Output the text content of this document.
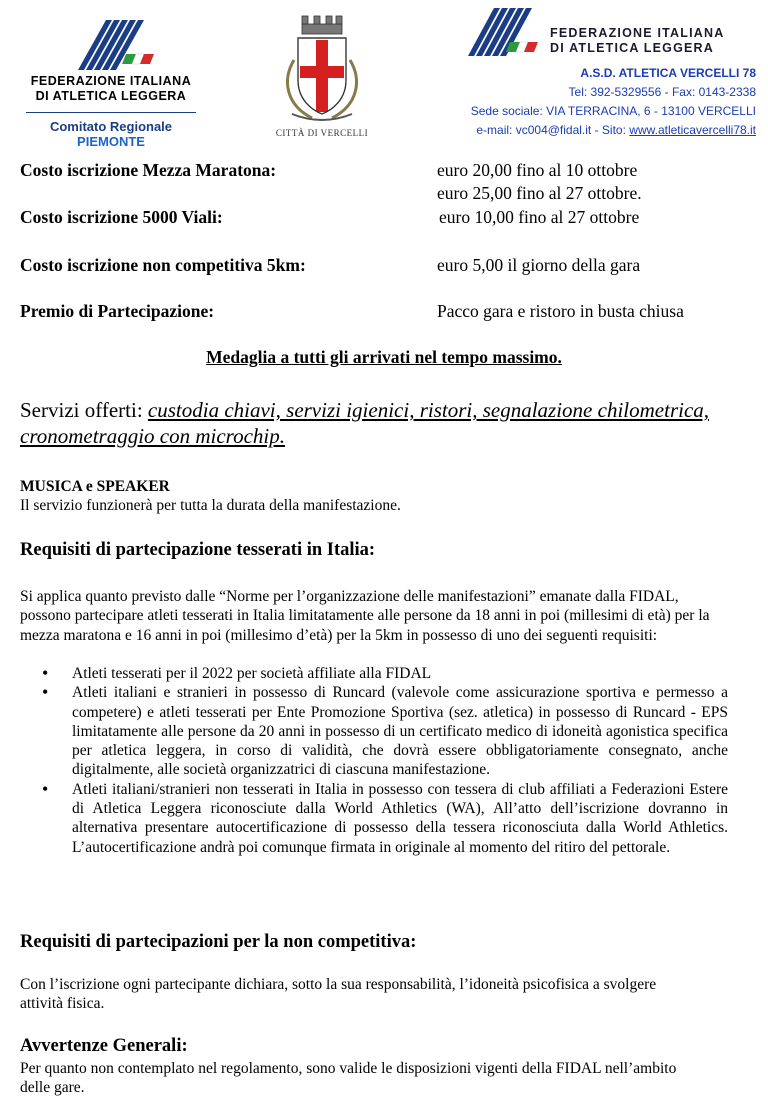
FEDERAZIONE ITALIANA
DI ATLETICA LEGGERA
Comitato Regionale PIEMONTE
CITTÀ DI VERCELLI
FEDERAZIONE ITALIANA
DI ATLETICA LEGGERA
A.S.D. ATLETICA VERCELLI 78
Tel: 392-5329556 - Fax: 0143-2338
Sede sociale: VIA TERRACINA, 6 - 13100 VERCELLI
e-mail: vc004@fidal.it - Sito: www.atleticavercelli78.it
Costo iscrizione Mezza Maratona:	euro 20,00 fino al 10 ottobre
euro 25,00 fino al 27 ottobre.
Costo iscrizione 5000 Viali:	euro 10,00 fino al 27 ottobre
Costo iscrizione non competitiva 5km:	euro 5,00 il giorno della gara
Premio di Partecipazione:	Pacco gara e ristoro in busta chiusa
Medaglia a tutti gli arrivati nel tempo massimo.
Servizi offerti: custodia chiavi, servizi igienici, ristori, segnalazione chilometrica, cronometraggio con microchip.
MUSICA e SPEAKER
Il servizio funzionerà per tutta la durata della manifestazione.
Requisiti di partecipazione tesserati in Italia:
Si applica quanto previsto dalle “Norme per l’organizzazione delle manifestazioni” emanate dalla FIDAL, possono partecipare atleti tesserati in Italia limitatamente alle persone da 18 anni in poi (millesimi di età) per la mezza maratona e 16 anni in poi (millesimo d’età) per la 5km in possesso di uno dei seguenti requisiti:
• Atleti tesserati per il 2022 per società affiliate alla FIDAL
• Atleti italiani e stranieri in possesso di Runcard (valevole come assicurazione sportiva e permesso a competere) e atleti tesserati per Ente Promozione Sportiva (sez. atletica) in possesso di Runcard - EPS limitatamente alle persone da 20 anni in possesso di un certificato medico di idoneità agonistica specifica per atletica leggera, in corso di validità, che dovrà essere obbligatoriamente consegnato, anche digitalmente, alle società organizzatrici di ciascuna manifestazione.
• Atleti italiani/stranieri non tesserati in Italia in possesso con tessera di club affiliati a Federazioni Estere di Atletica Leggera riconosciute dalla World Athletics (WA), All’atto dell’iscrizione dovranno in alternativa presentare autocertificazione di possesso della tessera riconosciuta dalla World Athletics. L’autocertificazione andrà poi comunque firmata in originale al momento del ritiro del pettorale.
Requisiti di partecipazioni per la non competitiva:
Con l’iscrizione ogni partecipante dichiara, sotto la sua responsabilità, l’idoneità psicofisica a svolgere attività fisica.
Avvertenze Generali:
Per quanto non contemplato nel regolamento, sono valide le disposizioni vigenti della FIDAL nell’ambito delle gare.
